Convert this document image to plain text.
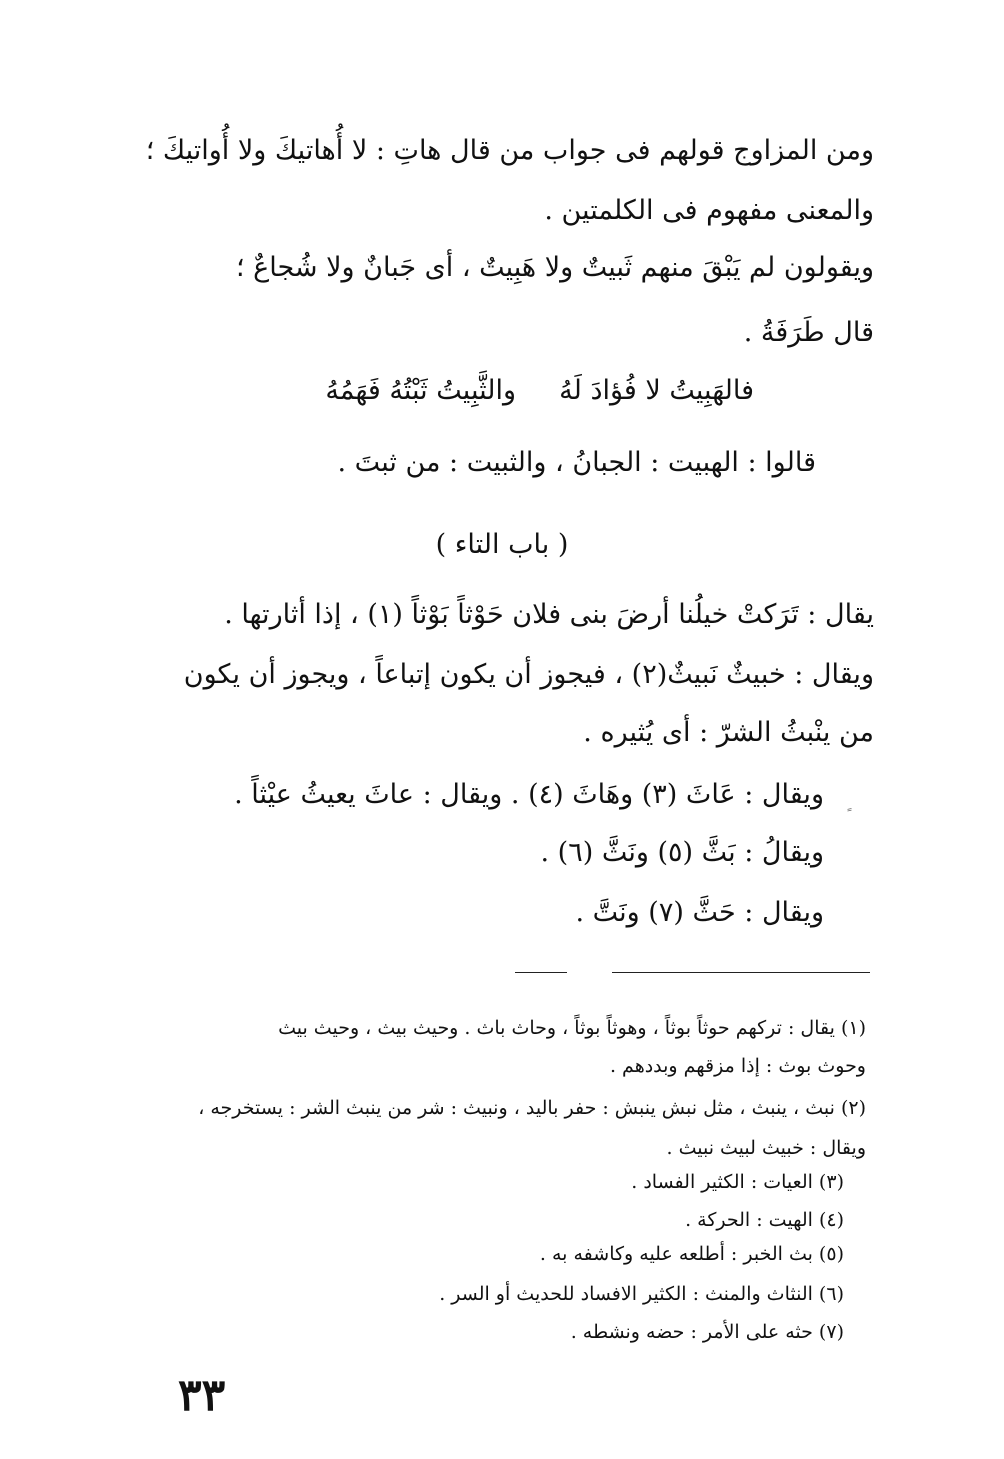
ومن المزاوج قولهم فى جواب من قال هاتِ : لا أُهاتيكَ ولا أُواتيكَ ؛
والمعنى مفهوم فى الكلمتين .
ويقولون لم يَبْقَ منهم ثَبيتٌ ولا هَبِيتٌ ، أى جَبانٌ ولا شُجاعٌ ؛
قال طَرَفَةُ .
فالهَبِيتُ لا فُؤادَ لَهُ
والثَّبِيتُ ثَبْتُهُ فَهَمُهُ
قالوا : الهبيت : الجبانُ ، والثبيت : من ثبتَ .
( باب التاء )
يقال : تَرَكتْ خيلُنا أرضَ بنى فلان حَوْثاً بَوْثاً (١) ، إذا أثارتها .
ويقال : خبيثٌ نَبيثٌ(٢) ، فيجوز أن يكون إتباعاً ، ويجوز أن يكون
من ينْبثُ الشرّ : أى يُثيره .
ويقال : عَاثَ (٣) وهَاثَ (٤) . ويقال : عاثَ يعيثُ عيْثاً .
ويقالُ : بَثَّ (٥) ونَثَّ (٦) .
ويقال : حَثَّ (٧) ونَتَّ .
(١) يقال : تركهم حوثاً بوثاً ، وهوثاً بوثاً ، وحاث باث . وحيث بيث ، وحيث بيث
وحوث بوث : إذا مزقهم وبددهم .
(٢) نبث ، ينبث ، مثل نبش ينبش : حفر باليد ، ونبيث : شر من ينبث الشر : يستخرجه ،
ويقال : خبيث لبيث نبيث .
(٣) العيات : الكثير الفساد .
(٤) الهيت : الحركة .
(٥) بث الخبر : أطلعه عليه وكاشفه به .
(٦) النثاث والمنث : الكثير الافساد للحديث أو السر .
(٧) حثه على الأمر : حضه ونشطه .
٣٣
